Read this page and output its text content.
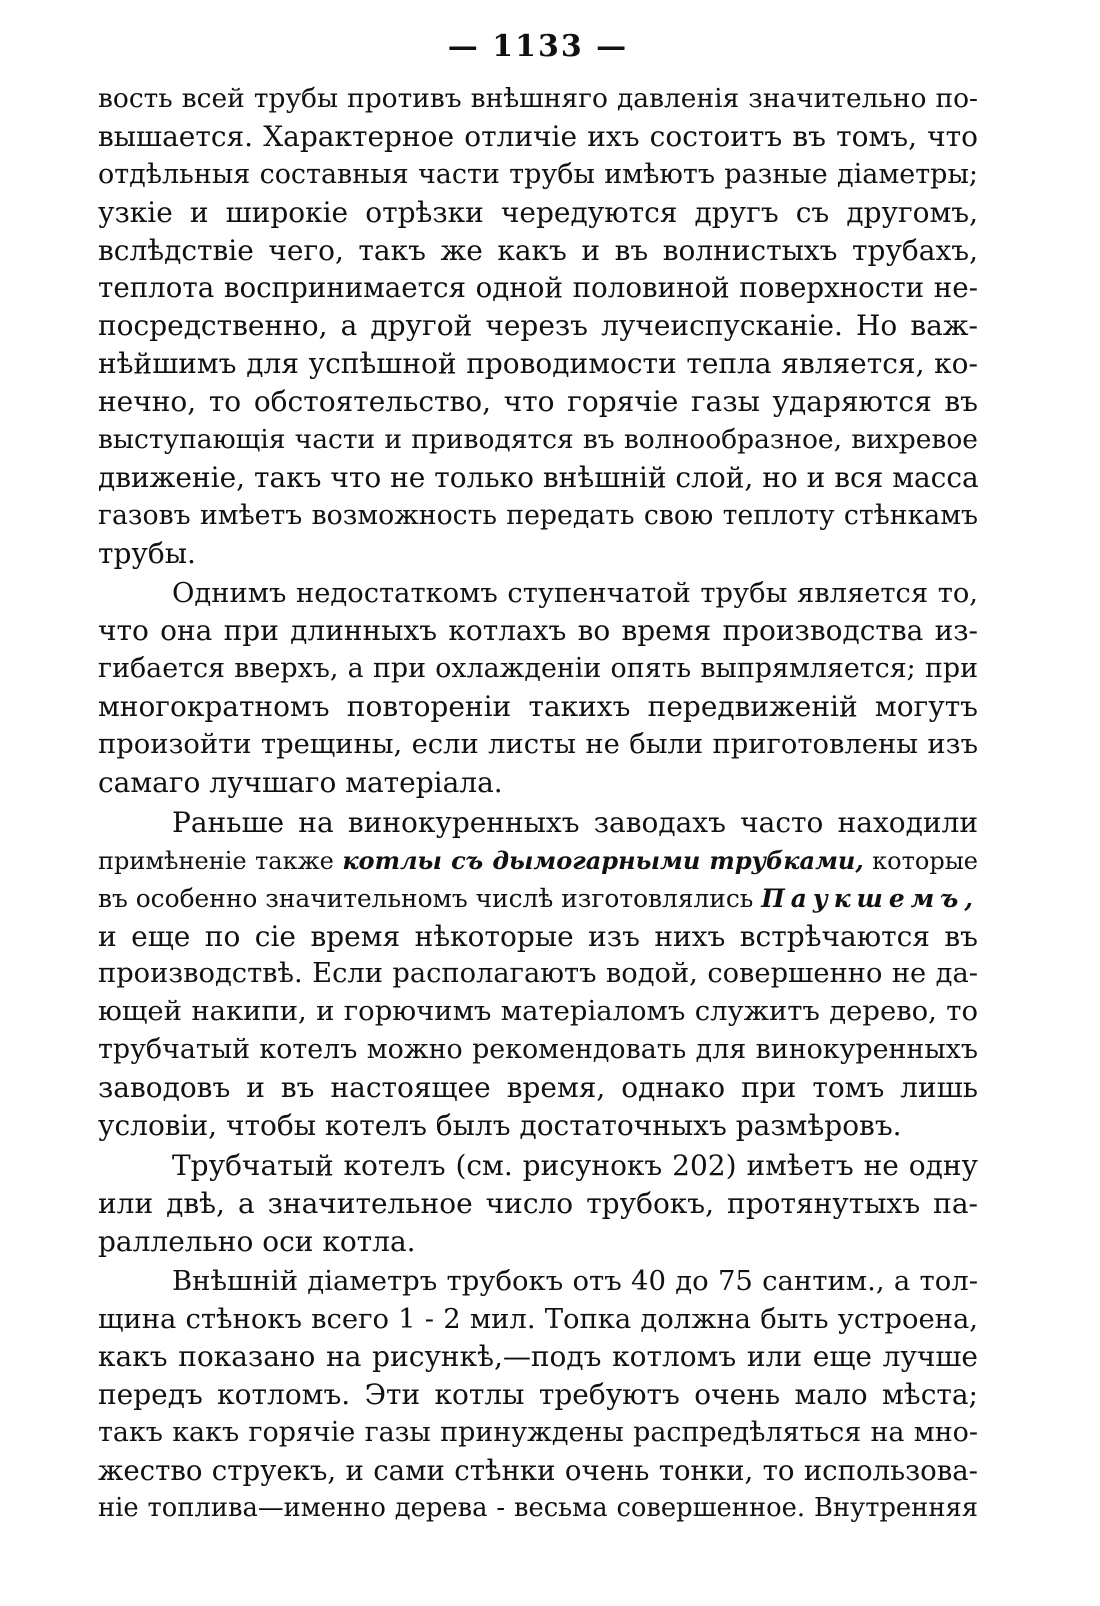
— 1133 —
вость всей трубы противъ внѣшняго давленія значительно по-
вышается. Характерное отличіе ихъ состоитъ въ томъ, что
отдѣльныя составныя части трубы имѣютъ разные діаметры;
узкіе и широкіе отрѣзки чередуются другъ съ другомъ,
вслѣдствіе чего, такъ же какъ и въ волнистыхъ трубахъ,
теплота воспринимается одной половиной поверхности не-
посредственно, а другой черезъ лучеиспусканіе. Но важ-
нѣйшимъ для успѣшной проводимости тепла является, ко-
нечно, то обстоятельство, что горячіе газы ударяются въ
выступающія части и приводятся въ волнообразное, вихревое
движеніе, такъ что не только внѣшній слой, но и вся масса
газовъ имѣетъ возможность передать свою теплоту стѣнкамъ
трубы.
Однимъ недостаткомъ ступенчатой трубы является то,
что она при длинныхъ котлахъ во время производства из-
гибается вверхъ, а при охлажденіи опять выпрямляется; при
многократномъ повтореніи такихъ передвиженій могутъ
произойти трещины, если листы не были приготовлены изъ
самаго лучшаго матеріала.
Раньше на винокуренныхъ заводахъ часто находили
примѣненіе также котлы съ дымогарными трубками, которые
въ особенно значительномъ числѣ изготовлялись Паукшемъ,
и еще по сіе время нѣкоторые изъ нихъ встрѣчаются въ
производствѣ. Если располагаютъ водой, совершенно не да-
ющей накипи, и горючимъ матеріаломъ служитъ дерево, то
трубчатый котелъ можно рекомендовать для винокуренныхъ
заводовъ и въ настоящее время, однако при томъ лишь
условіи, чтобы котелъ былъ достаточныхъ размѣровъ.
Трубчатый котелъ (см. рисунокъ 202) имѣетъ не одну
или двѣ, а значительное число трубокъ, протянутыхъ па-
раллельно оси котла.
Внѣшній діаметръ трубокъ отъ 40 до 75 сантим., а тол-
щина стѣнокъ всего 1 - 2 мил. Топка должна быть устроена,
какъ показано на рисункѣ,—подъ котломъ или еще лучше
передъ котломъ. Эти котлы требуютъ очень мало мѣста;
такъ какъ горячіе газы принуждены распредѣляться на мно-
жество струекъ, и сами стѣнки очень тонки, то использова-
ніе топлива—именно дерева - весьма совершенное. Внутренняя
